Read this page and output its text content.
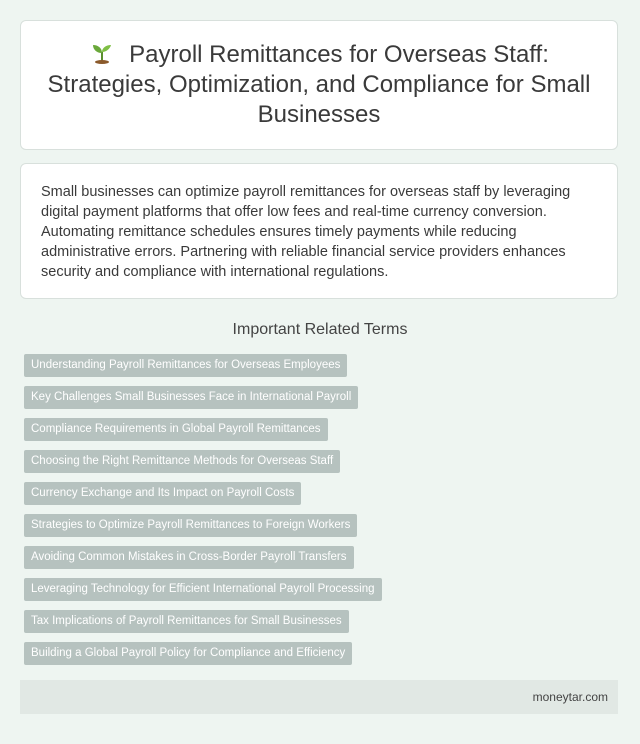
Payroll Remittances for Overseas Staff: Strategies, Optimization, and Compliance for Small Businesses

Small businesses can optimize payroll remittances for overseas staff by leveraging digital payment platforms that offer low fees and real-time currency conversion. Automating remittance schedules ensures timely payments while reducing administrative errors. Partnering with reliable financial service providers enhances security and compliance with international regulations.

Important Related Terms
Understanding Payroll Remittances for Overseas Employees
Key Challenges Small Businesses Face in International Payroll
Compliance Requirements in Global Payroll Remittances
Choosing the Right Remittance Methods for Overseas Staff
Currency Exchange and Its Impact on Payroll Costs
Strategies to Optimize Payroll Remittances to Foreign Workers
Avoiding Common Mistakes in Cross-Border Payroll Transfers
Leveraging Technology for Efficient International Payroll Processing
Tax Implications of Payroll Remittances for Small Businesses
Building a Global Payroll Policy for Compliance and Efficiency
moneytar.com
